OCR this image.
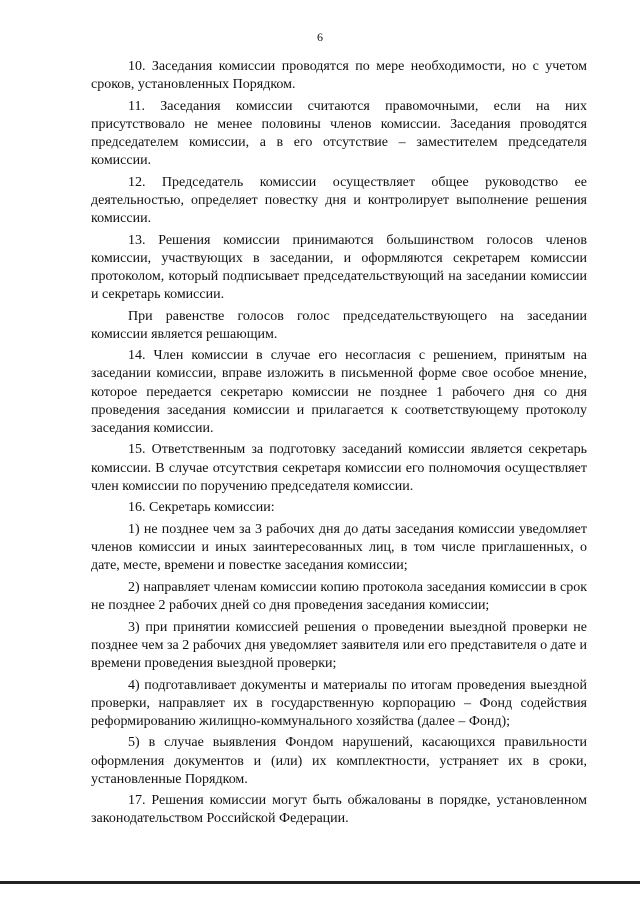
6

10. Заседания комиссии проводятся по мере необходимости, но с учетом сроков, установленных Порядком.

11. Заседания комиссии считаются правомочными, если на них присутствовало не менее половины членов комиссии. Заседания проводятся председателем комиссии, а в его отсутствие – заместителем председателя комиссии.

12. Председатель комиссии осуществляет общее руководство ее деятельностью, определяет повестку дня и контролирует выполнение решения комиссии.

13. Решения комиссии принимаются большинством голосов членов комиссии, участвующих в заседании, и оформляются секретарем комиссии протоколом, который подписывает председательствующий на заседании комиссии и секретарь комиссии.

При равенстве голосов голос председательствующего на заседании комиссии является решающим.

14. Член комиссии в случае его несогласия с решением, принятым на заседании комиссии, вправе изложить в письменной форме свое особое мнение, которое передается секретарю комиссии не позднее 1 рабочего дня со дня проведения заседания комиссии и прилагается к соответствующему протоколу заседания комиссии.

15. Ответственным за подготовку заседаний комиссии является секретарь комиссии. В случае отсутствия секретаря комиссии его полномочия осуществляет член комиссии по поручению председателя комиссии.

16. Секретарь комиссии:

1) не позднее чем за 3 рабочих дня до даты заседания комиссии уведомляет членов комиссии и иных заинтересованных лиц, в том числе приглашенных, о дате, месте, времени и повестке заседания комиссии;

2) направляет членам комиссии копию протокола заседания комиссии в срок не позднее 2 рабочих дней со дня проведения заседания комиссии;

3) при принятии комиссией решения о проведении выездной проверки не позднее чем за 2 рабочих дня уведомляет заявителя или его представителя о дате и времени проведения выездной проверки;

4) подготавливает документы и материалы по итогам проведения выездной проверки, направляет их в государственную корпорацию – Фонд содействия реформированию жилищно-коммунального хозяйства (далее – Фонд);

5) в случае выявления Фондом нарушений, касающихся правильности оформления документов и (или) их комплектности, устраняет их в сроки, установленные Порядком.

17. Решения комиссии могут быть обжалованы в порядке, установленном законодательством Российской Федерации.
